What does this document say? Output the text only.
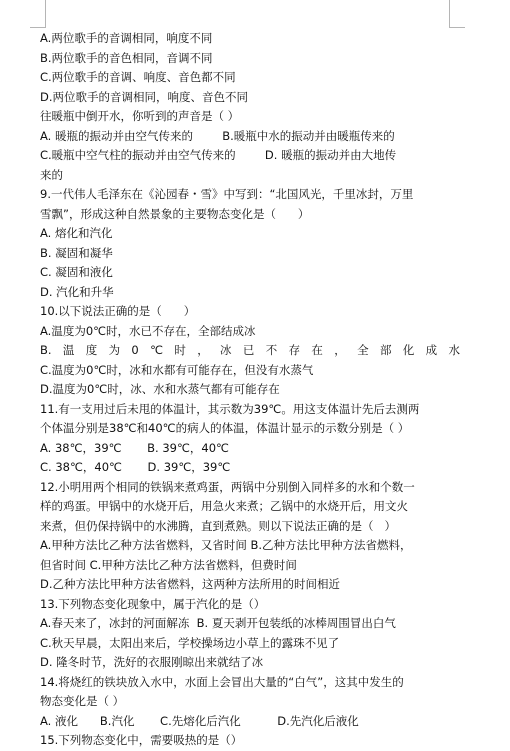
A.两位歌手的音调相同，响度不同
B.两位歌手的音色相同，音调不同
C.两位歌手的音调、响度、音色都不同
D.两位歌手的音调相同，响度、音色不同
往暖瓶中倒开水，你听到的声音是（ ）
A. 暖瓶的振动并由空气传来的        B.暖瓶中水的振动并由暖瓶传来的
C.暖瓶中空气柱的振动并由空气传来的        D. 暖瓶的振动并由大地传
来的
9.一代伟人毛泽东在《沁园春・雪》中写到：“北国风光，千里冰封，万里
雪飘”，形成这种自然景象的主要物态变化是（      ）
A. 熔化和汽化
B. 凝固和凝华
C. 凝固和液化
D. 汽化和升华
10.以下说法正确的是（      ）
A.温度为0℃时，水已不存在，全部结成冰
B. 温 度 为 0 ℃ 时 ， 冰 已 不 存 在 ， 全 部 化 成 水
C.温度为0℃时，冰和水都有可能存在，但没有水蒸气
D.温度为0℃时，冰、水和水蒸气都有可能存在
11.有一支用过后未甩的体温计，其示数为39℃。用这支体温计先后去测两
个体温分别是38℃和40℃的病人的体温，体温计显示的示数分别是（ ）
A. 38℃，39℃       B. 39℃，40℃
C. 38℃，40℃       D. 39℃，39℃
12.小明用两个相同的铁锅来煮鸡蛋，两锅中分别倒入同样多的水和个数一
样的鸡蛋。甲锅中的水烧开后，用急火来煮；乙锅中的水烧开后，用文火
来煮，但仍保持锅中的水沸腾，直到煮熟。则以下说法正确的是（   ）
A.甲种方法比乙种方法省燃料，又省时间 B.乙种方法比甲种方法省燃料，
但省时间 C.甲种方法比乙种方法省燃料，但费时间
D.乙种方法比甲种方法省燃料，这两种方法所用的时间相近
13.下列物态变化现象中，属于汽化的是（）
A.春天来了，冰封的河面解冻  B. 夏天剥开包装纸的冰棒周围冒出白气
C.秋天早晨，太阳出来后，学校操场边小草上的露珠不见了
D. 隆冬时节，洗好的衣服刚晾出来就结了冰
14.将烧红的铁块放入水中，水面上会冒出大量的“白气”，这其中发生的
物态变化是（ ）
A. 液化      B.汽化       C.先熔化后汽化          D.先汽化后液化
15.下列物态变化中，需要吸热的是（）
